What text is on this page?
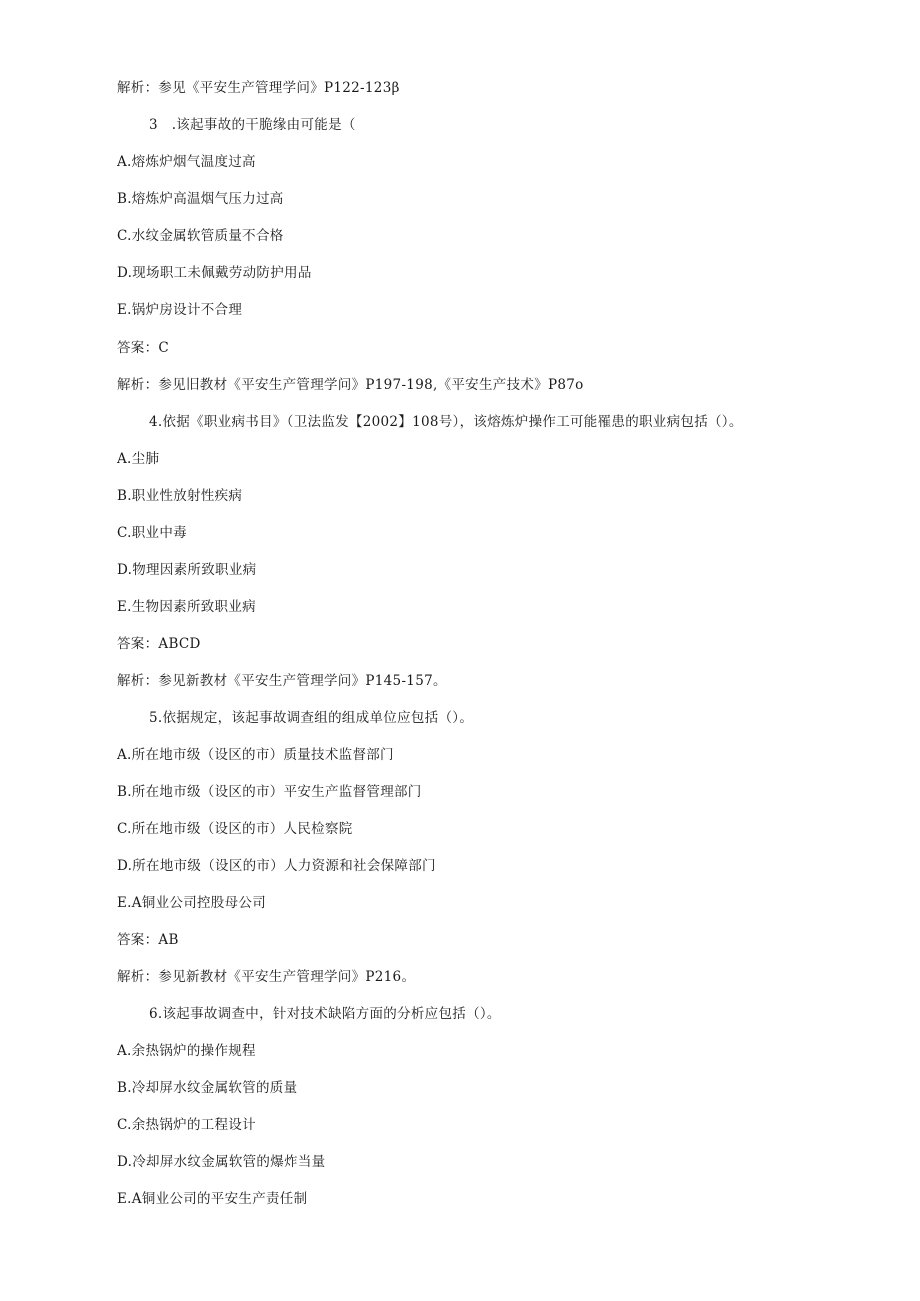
解析：参见《平安生产管理学问》P122-123β
3　.该起事故的干脆缘由可能是（
A.熔炼炉烟气温度过高
B.熔炼炉高温烟气压力过高
C.水纹金属软管质量不合格
D.现场职工未佩戴劳动防护用品
E.锅炉房设计不合理
答案：C
解析：参见旧教材《平安生产管理学问》P197-198,《平安生产技术》P87o
4.依据《职业病书目》（卫法监发【2002】108号），该熔炼炉操作工可能罹患的职业病包括（）。
A.尘肺
B.职业性放射性疾病
C.职业中毒
D.物理因素所致职业病
E.生物因素所致职业病
答案：ABCD
解析：参见新教材《平安生产管理学问》P145-157。
5.依据规定，该起事故调查组的组成单位应包括（）。
A.所在地市级（设区的市）质量技术监督部门
B.所在地市级（设区的市）平安生产监督管理部门
C.所在地市级（设区的市）人民检察院
D.所在地市级（设区的市）人力资源和社会保障部门
E.A铜业公司控股母公司
答案：AB
解析：参见新教材《平安生产管理学问》P216。
6.该起事故调查中，针对技术缺陷方面的分析应包括（）。
A.余热锅炉的操作规程
B.冷却屏水纹金属软管的质量
C.余热锅炉的工程设计
D.冷却屏水纹金属软管的爆炸当量
E.A铜业公司的平安生产责任制
